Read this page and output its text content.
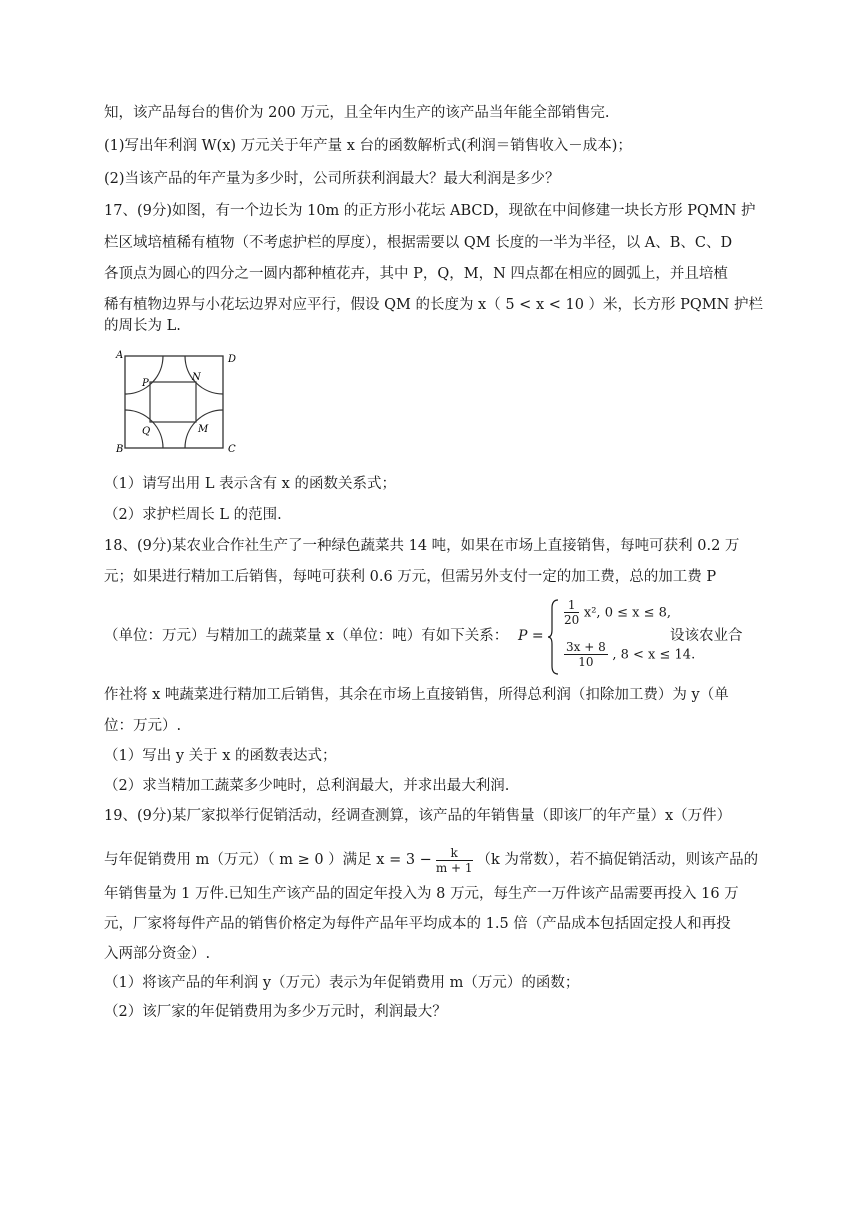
知，该产品每台的售价为 200 万元，且全年内生产的该产品当年能全部销售完.
(1)写出年利润 W(x) 万元关于年产量 x 台的函数解析式(利润＝销售收入－成本)；
(2)当该产品的年产量为多少时，公司所获利润最大？最大利润是多少？
17、(9分)如图，有一个边长为 10m 的正方形小花坛 ABCD，现欲在中间修建一块长方形 PQMN 护
栏区域培植稀有植物（不考虑护栏的厚度），根据需要以 QM 长度的一半为半径，以 A、B、C、D
各顶点为圆心的四分之一圆内都种植花卉，其中 P，Q，M，N 四点都在相应的圆弧上，并且培植
稀有植物边界与小花坛边界对应平行，假设 QM 的长度为 x（ 5 < x < 10 ）米，长方形 PQMN 护栏
的周长为 L.
A	D
B	C
P
N
Q	M
（1）请写出用 L 表示含有 x 的函数关系式；
（2）求护栏周长 L 的范围.
18、(9分)某农业合作社生产了一种绿色蔬菜共 14 吨，如果在市场上直接销售，每吨可获利 0.2 万
元；如果进行精加工后销售，每吨可获利 0.6 万元，但需另外支付一定的加工费，总的加工费 P
（单位：万元）与精加工的蔬菜量 x（单位：吨）有如下关系：	设该农业合
P =
$\frac{1}{20} x^2$, 0 ≤ x ≤ 8,
$\frac{3x + 8}{10}$ , 8 < x ≤ 14.
作社将 x 吨蔬菜进行精加工后销售，其余在市场上直接销售，所得总利润（扣除加工费）为 y（单
位：万元）.
（1）写出 y 关于 x 的函数表达式；
（2）求当精加工蔬菜多少吨时，总利润最大，并求出最大利润.
19、(9分)某厂家拟举行促销活动，经调查测算，该产品的年销售量（即该厂的年产量）x（万件）
与年促销费用 m（万元）（ m ≥ 0 ）满足 $x = 3 - \frac{k}{m + 1} (k$ 为常数），若不搞促销活动，则该产品的
年销售量为 1 万件.已知生产该产品的固定年投入为 8 万元，每生产一万件该产品需要再投入 16 万
元，厂家将每件产品的销售价格定为每件产品年平均成本的 1.5 倍（产品成本包括固定投人和再投
入两部分资金）.
（1）将该产品的年利润 y（万元）表示为年促销费用 m（万元）的函数；
（2）该厂家的年促销费用为多少万元时，利润最大？
